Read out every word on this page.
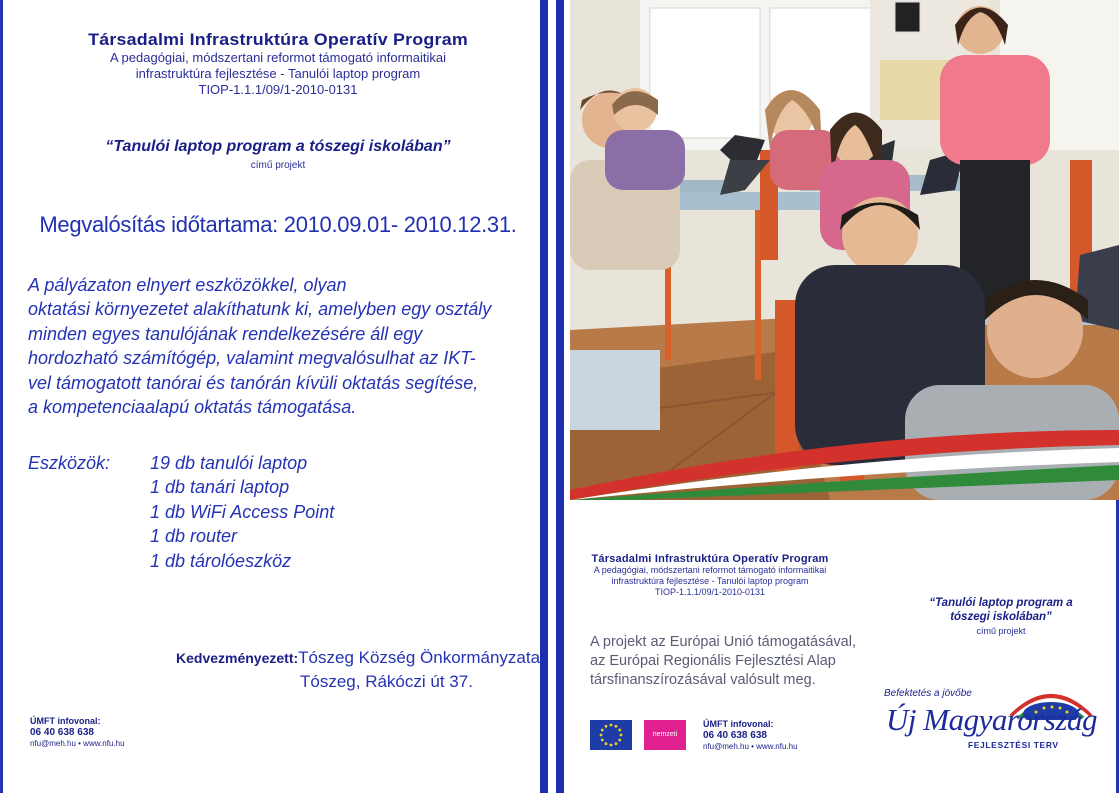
Társadalmi Infrastruktúra Operatív Program
A pedagógiai, módszertani reformot támogató informaitikai
infrastruktúra fejlesztése - Tanulói laptop program
TIOP-1.1.1/09/1-2010-0131
“Tanulói laptop program a tószegi iskolában”
című projekt
Megvalósítás időtartama: 2010.09.01- 2010.12.31.
A pályázaton elnyert eszközökkel, olyan
oktatási környezetet alakíthatunk ki, amelyben egy osztály
minden egyes tanulójának rendelkezésére áll egy
hordozható számítógép, valamint megvalósulhat az IKT-
vel támogatott tanórai és tanórán kívüli oktatás segítése,
a kompetenciaalapú oktatás támogatása.
Eszközök: 19 db tanulói laptop
1 db tanári laptop
1 db WiFi Access Point
1 db router
1 db tárolóeszköz
Kedvezményezett:Tószeg Község Önkormányzata
Tószeg, Rákóczi út 37.
ÚMFT infovonal:
06 40 638 638
nfu@meh.hu • www.nfu.hu
Társadalmi Infrastruktúra Operatív Program
A pedagógiai, módszertani reformot támogató informaitikai
infrastruktúra fejlesztése - Tanulói laptop program
TIOP-1.1.1/09/1-2010-0131
“Tanulói laptop program a
tószegi iskolában”
című projekt
A projekt az Európai Unió támogatásával,
az Európai Regionális Fejlesztési Alap
társfinanszírozásával valósult meg.
Befektetés a jövőbe
Új Magyarország
FEJLESZTÉSI TERV
nemzeti
ÚMFT infovonal:
06 40 638 638
nfu@meh.hu • www.nfu.hu
